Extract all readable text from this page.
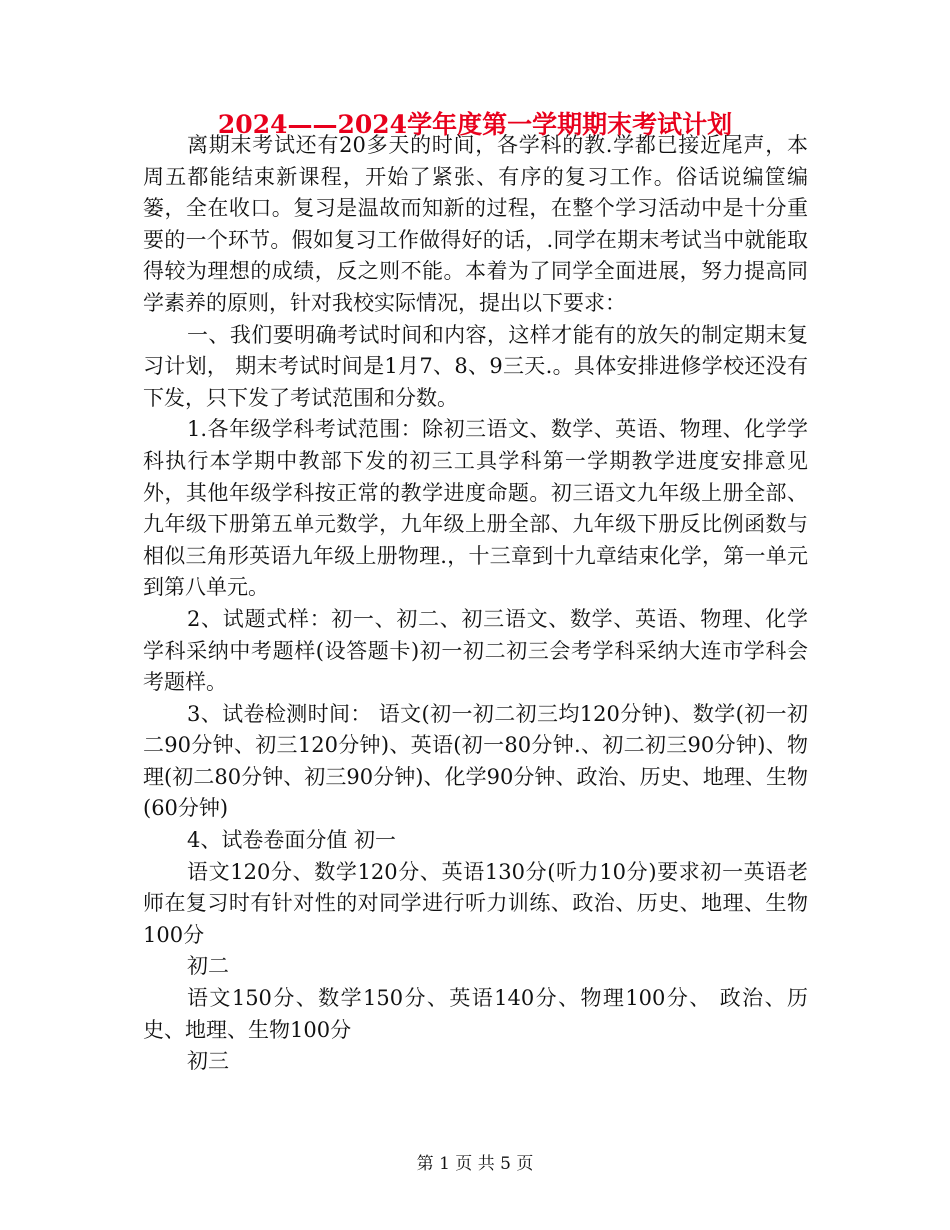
2024——2024学年度第一学期期末考试计划

离期末考试还有20多天的时间，各学科的教.学都已接近尾声，本周五都能结束新课程，开始了紧张、有序的复习工作。俗话说编筐编篓，全在收口。复习是温故而知新的过程，在整个学习活动中是十分重要的一个环节。假如复习工作做得好的话，.同学在期末考试当中就能取得较为理想的成绩，反之则不能。本着为了同学全面进展，努力提高同学素养的原则，针对我校实际情况，提出以下要求：

一、我们要明确考试时间和内容，这样才能有的放矢的制定期末复习计划， 期末考试时间是1月7、8、9三天.。具体安排进修学校还没有下发，只下发了考试范围和分数。

1.各年级学科考试范围：除初三语文、数学、英语、物理、化学学科执行本学期中教部下发的初三工具学科第一学期教学进度安排意见外，其他年级学科按正常的教学进度命题。初三语文九年级上册全部、九年级下册第五单元数学，九年级上册全部、九年级下册反比例函数与相似三角形英语九年级上册物理.，十三章到十九章结束化学，第一单元到第八单元。

2、试题式样：初一、初二、初三语文、数学、英语、物理、化学学科采纳中考题样(设答题卡)初一初二初三会考学科采纳大连市学科会考题样。

3、试卷检测时间： 语文(初一初二初三均120分钟)、数学(初一初二90分钟、初三120分钟)、英语(初一80分钟.、初二初三90分钟)、物理(初二80分钟、初三90分钟)、化学90分钟、政治、历史、地理、生物(60分钟)

4、试卷卷面分值 初一

语文120分、数学120分、英语130分(听力10分)要求初一英语老师在复习时有针对性的对同学进行听力训练、政治、历史、地理、生物100分

初二

语文150分、数学150分、英语140分、物理100分、 政治、历史、地理、生物100分

初三

第 1 页 共 5 页
